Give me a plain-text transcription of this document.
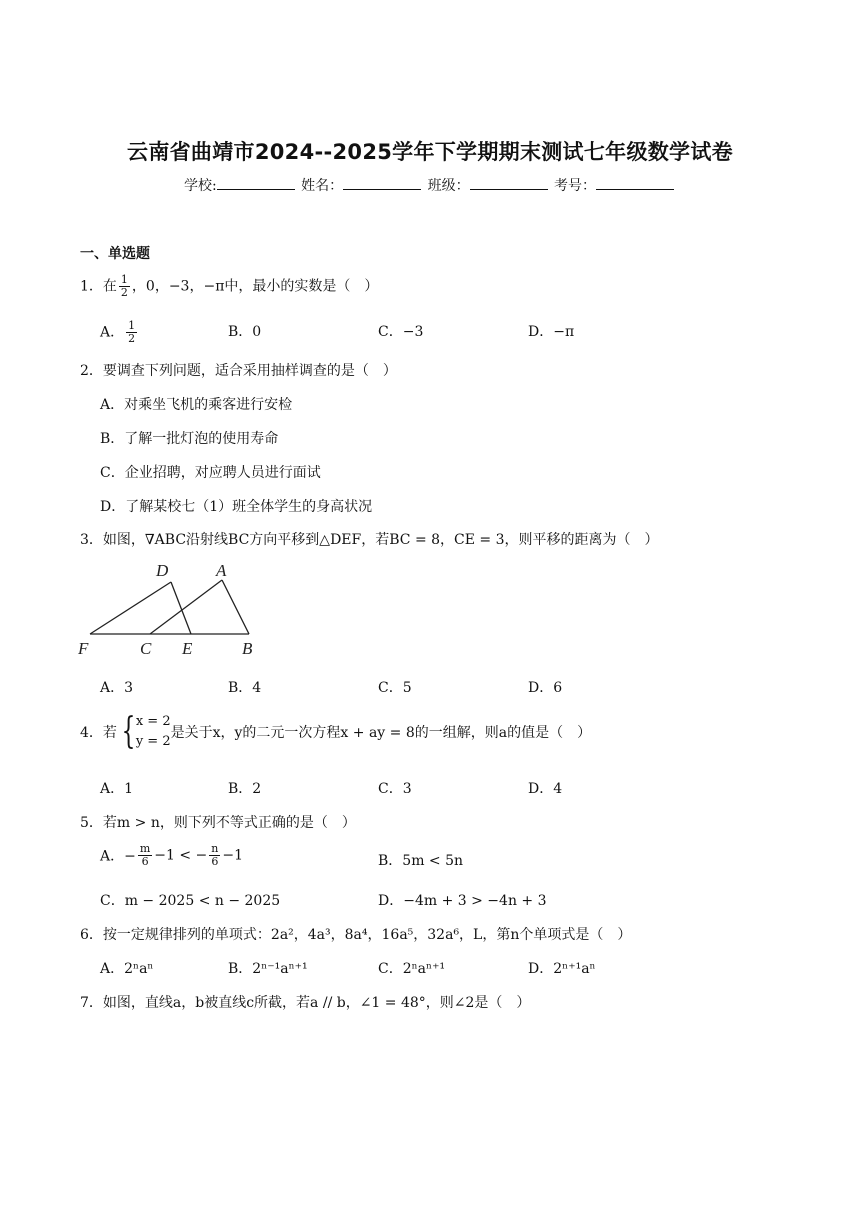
云南省曲靖市2024--2025学年下学期期末测试七年级数学试卷
学校:	姓名：	班级：	考号：
一、单选题
1．在 $\frac{1}{2}$ ，0，−3，−π中，最小的实数是（　）
A． $\frac{1}{2}$	B．0	C．−3	D．−π
2．要调查下列问题，适合采用抽样调查的是（　）
A．对乘坐飞机的乘客进行安检
B．了解一批灯泡的使用寿命
C．企业招聘，对应聘人员进行面试
D．了解某校七（1）班全体学生的身高状况
3．如图，∇ABC沿射线BC方向平移到△DEF，若BC = 8，CE = 3，则平移的距离为（　）
D	A
F	C E	B
A．3	B．4	C．5	D．6
4．若 { x = 2
y = 2
是关于x，y的二元一次方程x + ay = 8的一组解，则a的值是（　）
A．1	B．2	C．3	D．4
5．若m > n，则下列不等式正确的是（　）
A．− $\frac{m}{6} -1$ < − $\frac{n}{6} -1$	B．5m < 5n
C．m − 2025 < n − 2025	D．−4m + 3 > −4n + 3
6．按一定规律排列的单项式：2a²，4a³，8a⁴，16a⁵，32a⁶，L，第n个单项式是（　）
A．2ⁿaⁿ	B．2ⁿ⁻¹aⁿ⁺¹	C．2ⁿaⁿ⁺¹	D．2ⁿ⁺¹aⁿ
7．如图，直线a，b被直线c所截，若a // b，∠1 = 48°，则∠2是（　）
